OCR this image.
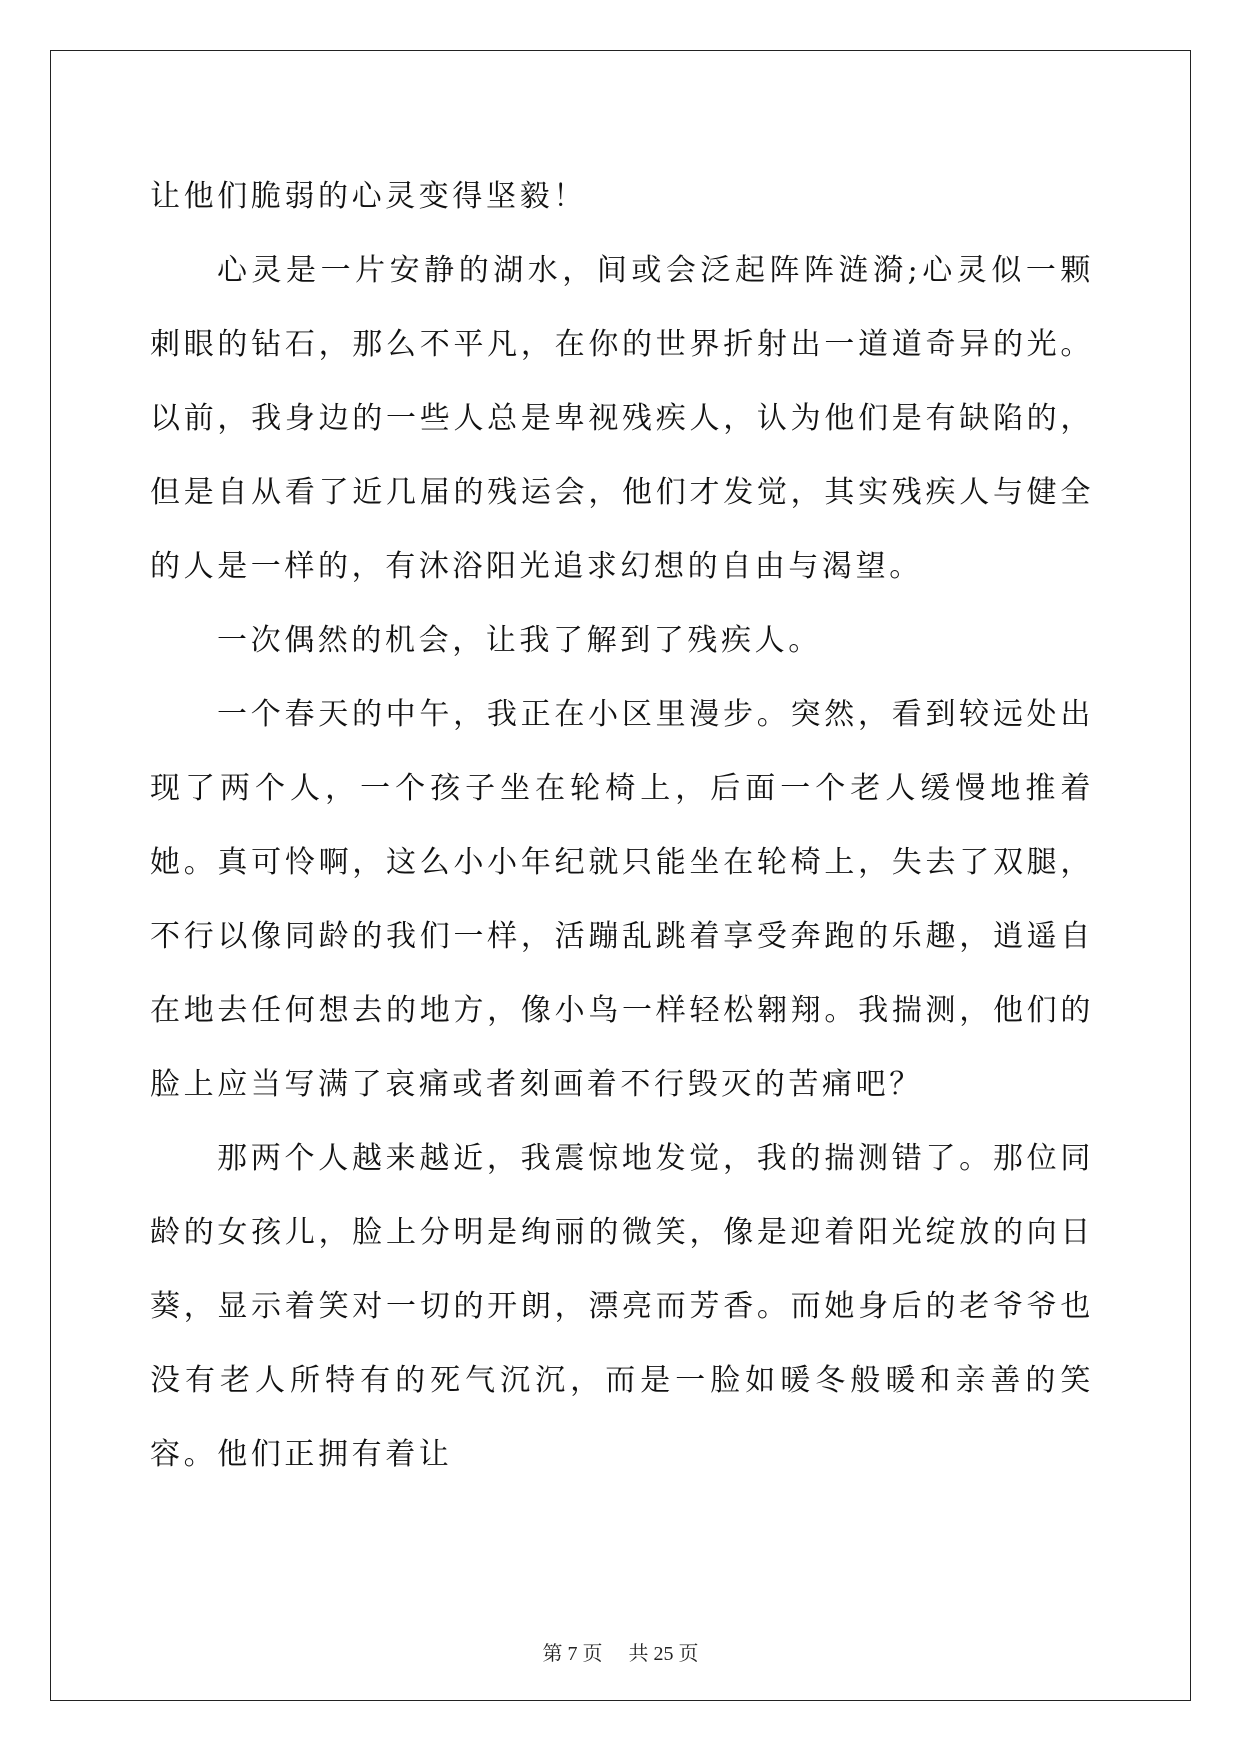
让他们脆弱的心灵变得坚毅！

心灵是一片安静的湖水，间或会泛起阵阵涟漪;心灵似一颗刺眼的钻石，那么不平凡，在你的世界折射出一道道奇异的光。以前，我身边的一些人总是卑视残疾人，认为他们是有缺陷的，但是自从看了近几届的残运会，他们才发觉，其实残疾人与健全的人是一样的，有沐浴阳光追求幻想的自由与渴望。

一次偶然的机会，让我了解到了残疾人。

一个春天的中午，我正在小区里漫步。突然，看到较远处出现了两个人，一个孩子坐在轮椅上，后面一个老人缓慢地推着她。真可怜啊，这么小小年纪就只能坐在轮椅上，失去了双腿，不行以像同龄的我们一样，活蹦乱跳着享受奔跑的乐趣，逍遥自在地去任何想去的地方，像小鸟一样轻松翱翔。我揣测，他们的脸上应当写满了哀痛或者刻画着不行毁灭的苦痛吧？

那两个人越来越近，我震惊地发觉，我的揣测错了。那位同龄的女孩儿，脸上分明是绚丽的微笑，像是迎着阳光绽放的向日葵，显示着笑对一切的开朗，漂亮而芳香。而她身后的老爷爷也没有老人所特有的死气沉沉，而是一脸如暖冬般暖和亲善的笑容。他们正拥有着让

第 7 页 共 25 页
